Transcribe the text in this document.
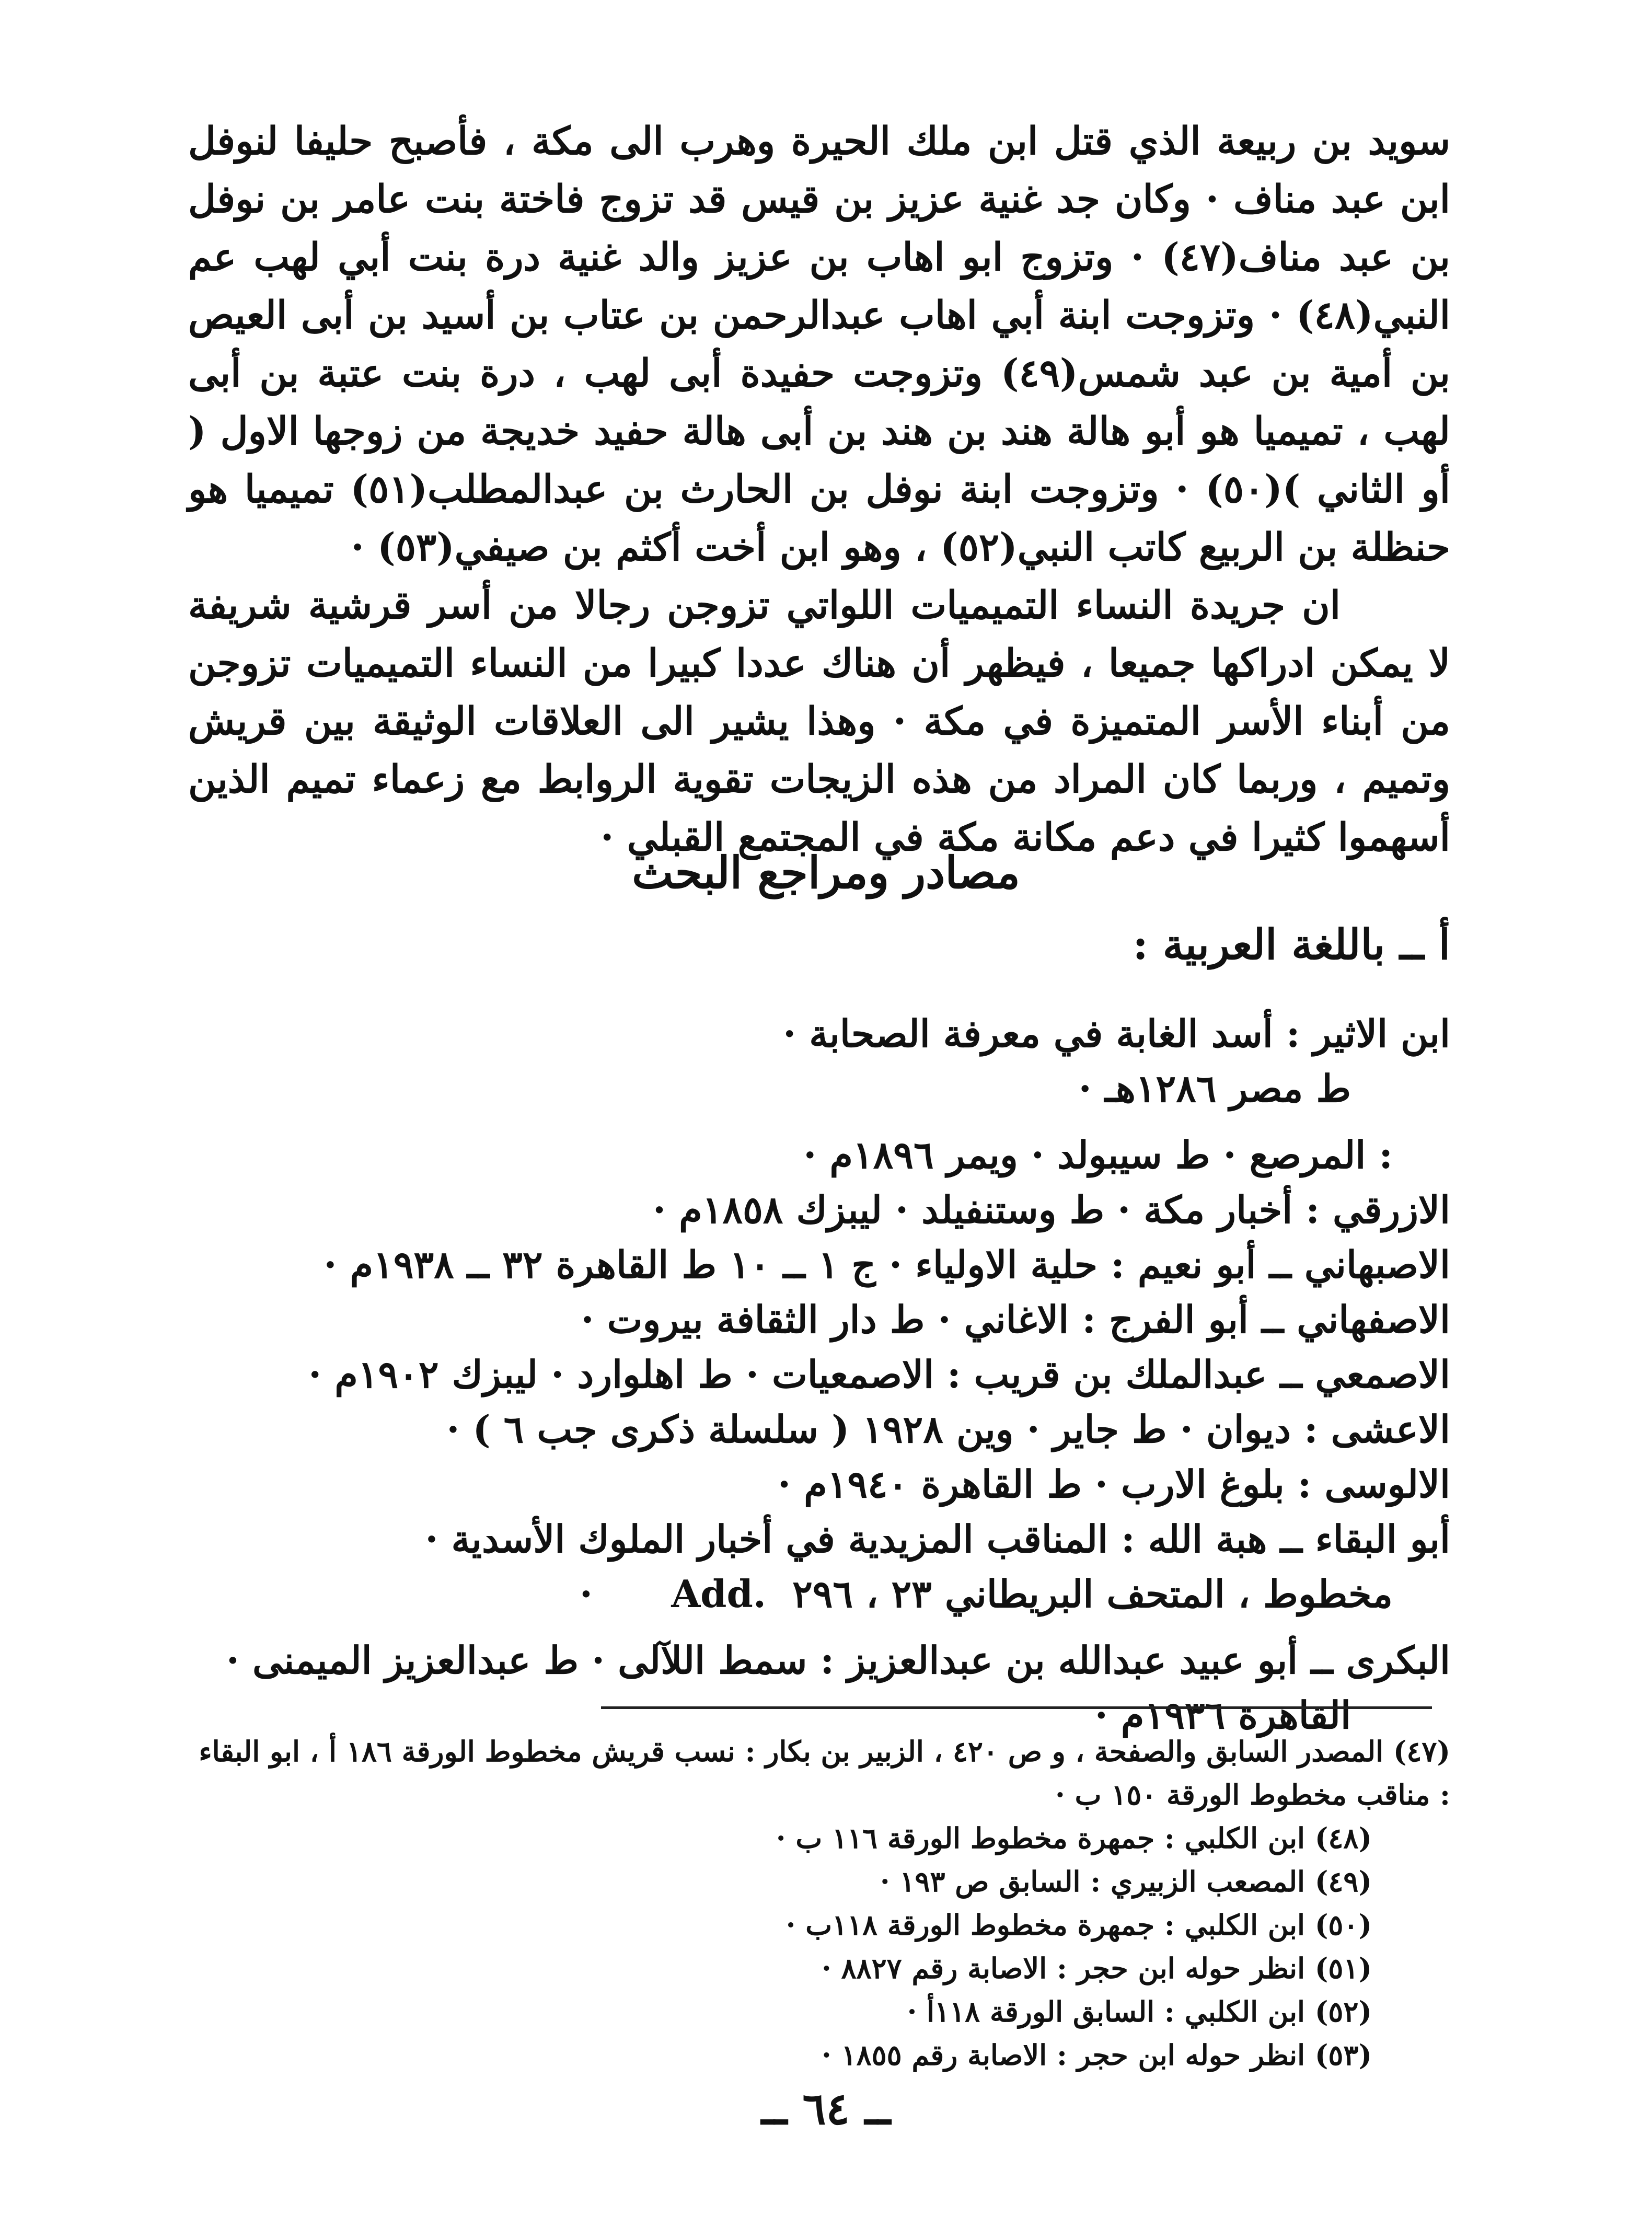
سويد بن ربيعة الذي قتل ابن ملك الحيرة وهرب الى مكة ، فأصبح حليفا لنوفل ابن عبد مناف · وكان جد غنية عزيز بن قيس قد تزوج فاختة بنت عامر بن نوفل بن عبد مناف(٤٧) · وتزوج ابو اهاب بن عزيز والد غنية درة بنت أبي لهب عم النبي(٤٨) · وتزوجت ابنة أبي اهاب عبدالرحمن بن عتاب بن أسيد بن أبى العيص بن أمية بن عبد شمس(٤٩) وتزوجت حفيدة أبى لهب ، درة بنت عتبة بن أبى لهب ، تميميا هو أبو هالة هند بن هند بن أبى هالة حفيد خديجة من زوجها الاول ( أو الثاني )(٥٠) · وتزوجت ابنة نوفل بن الحارث بن عبدالمطلب(٥١) تميميا هو حنظلة بن الربيع كاتب النبي(٥٢) ، وهو ابن أخت أكثم بن صيفي(٥٣) ·

ان جريدة النساء التميميات اللواتي تزوجن رجالا من أسر قرشية شريفة لا يمكن ادراكها جميعا ، فيظهر أن هناك عددا كبيرا من النساء التميميات تزوجن من أبناء الأسر المتميزة في مكة · وهذا يشير الى العلاقات الوثيقة بين قريش وتميم ، وربما كان المراد من هذه الزيجات تقوية الروابط مع زعماء تميم الذين أسهموا كثيرا في دعم مكانة مكة في المجتمع القبلي ·

مصادر ومراجع البحث
أ ــ باللغة العربية :

ابن الاثير : أسد الغابة في معرفة الصحابة ·

ط مصر ١٢٨٦هـ ·

: المرصع · ط سيبولد · ويمر ١٨٩٦م ·

الازرقي : أخبار مكة · ط وستنفيلد · ليبزك ١٨٥٨م ·

الاصبهاني ــ أبو نعيم : حلية الاولياء · ج ١ ــ ١٠ ط القاهرة ٣٢ ــ ١٩٣٨م ·

الاصفهاني ــ أبو الفرج : الاغاني · ط دار الثقافة بيروت ·

الاصمعي ــ عبدالملك بن قريب : الاصمعيات · ط اهلوارد · ليبزك ١٩٠٢م ·

الاعشى : ديوان · ط جاير · وين ١٩٢٨ ( سلسلة ذكرى جب ٦ ) ·

الالوسى : بلوغ الارب · ط القاهرة ١٩٤٠م ·

أبو البقاء ــ هبة الله : المناقب المزيدية في أخبار الملوك الأسدية ·

مخطوط ، المتحف البريطاني ٢٣ ، ٢٩٦  Add.      ·

البكرى ــ أبو عبيد عبدالله بن عبدالعزيز : سمط اللآلى · ط عبدالعزيز الميمنى ·

القاهرة ١٩٣٦م ·

(٤٧) المصدر السابق والصفحة ، و ص ٤٢٠ ، الزبير بن بكار : نسب قريش مخطوط الورقة ١٨٦ أ ، ابو البقاء : مناقب مخطوط الورقة ١٥٠ ب ·

(٤٨) ابن الكلبي : جمهرة مخطوط الورقة ١١٦ ب ·

(٤٩) المصعب الزبيري : السابق ص ١٩٣ ·

(٥٠) ابن الكلبي : جمهرة مخطوط الورقة ١١٨ب ·

(٥١) انظر حوله ابن حجر : الاصابة رقم ٨٨٢٧ ·

(٥٢) ابن الكلبي : السابق الورقة ١١٨أ ·

(٥٣) انظر حوله ابن حجر : الاصابة رقم ١٨٥٥ ·

ــ ٦٤ ــ
